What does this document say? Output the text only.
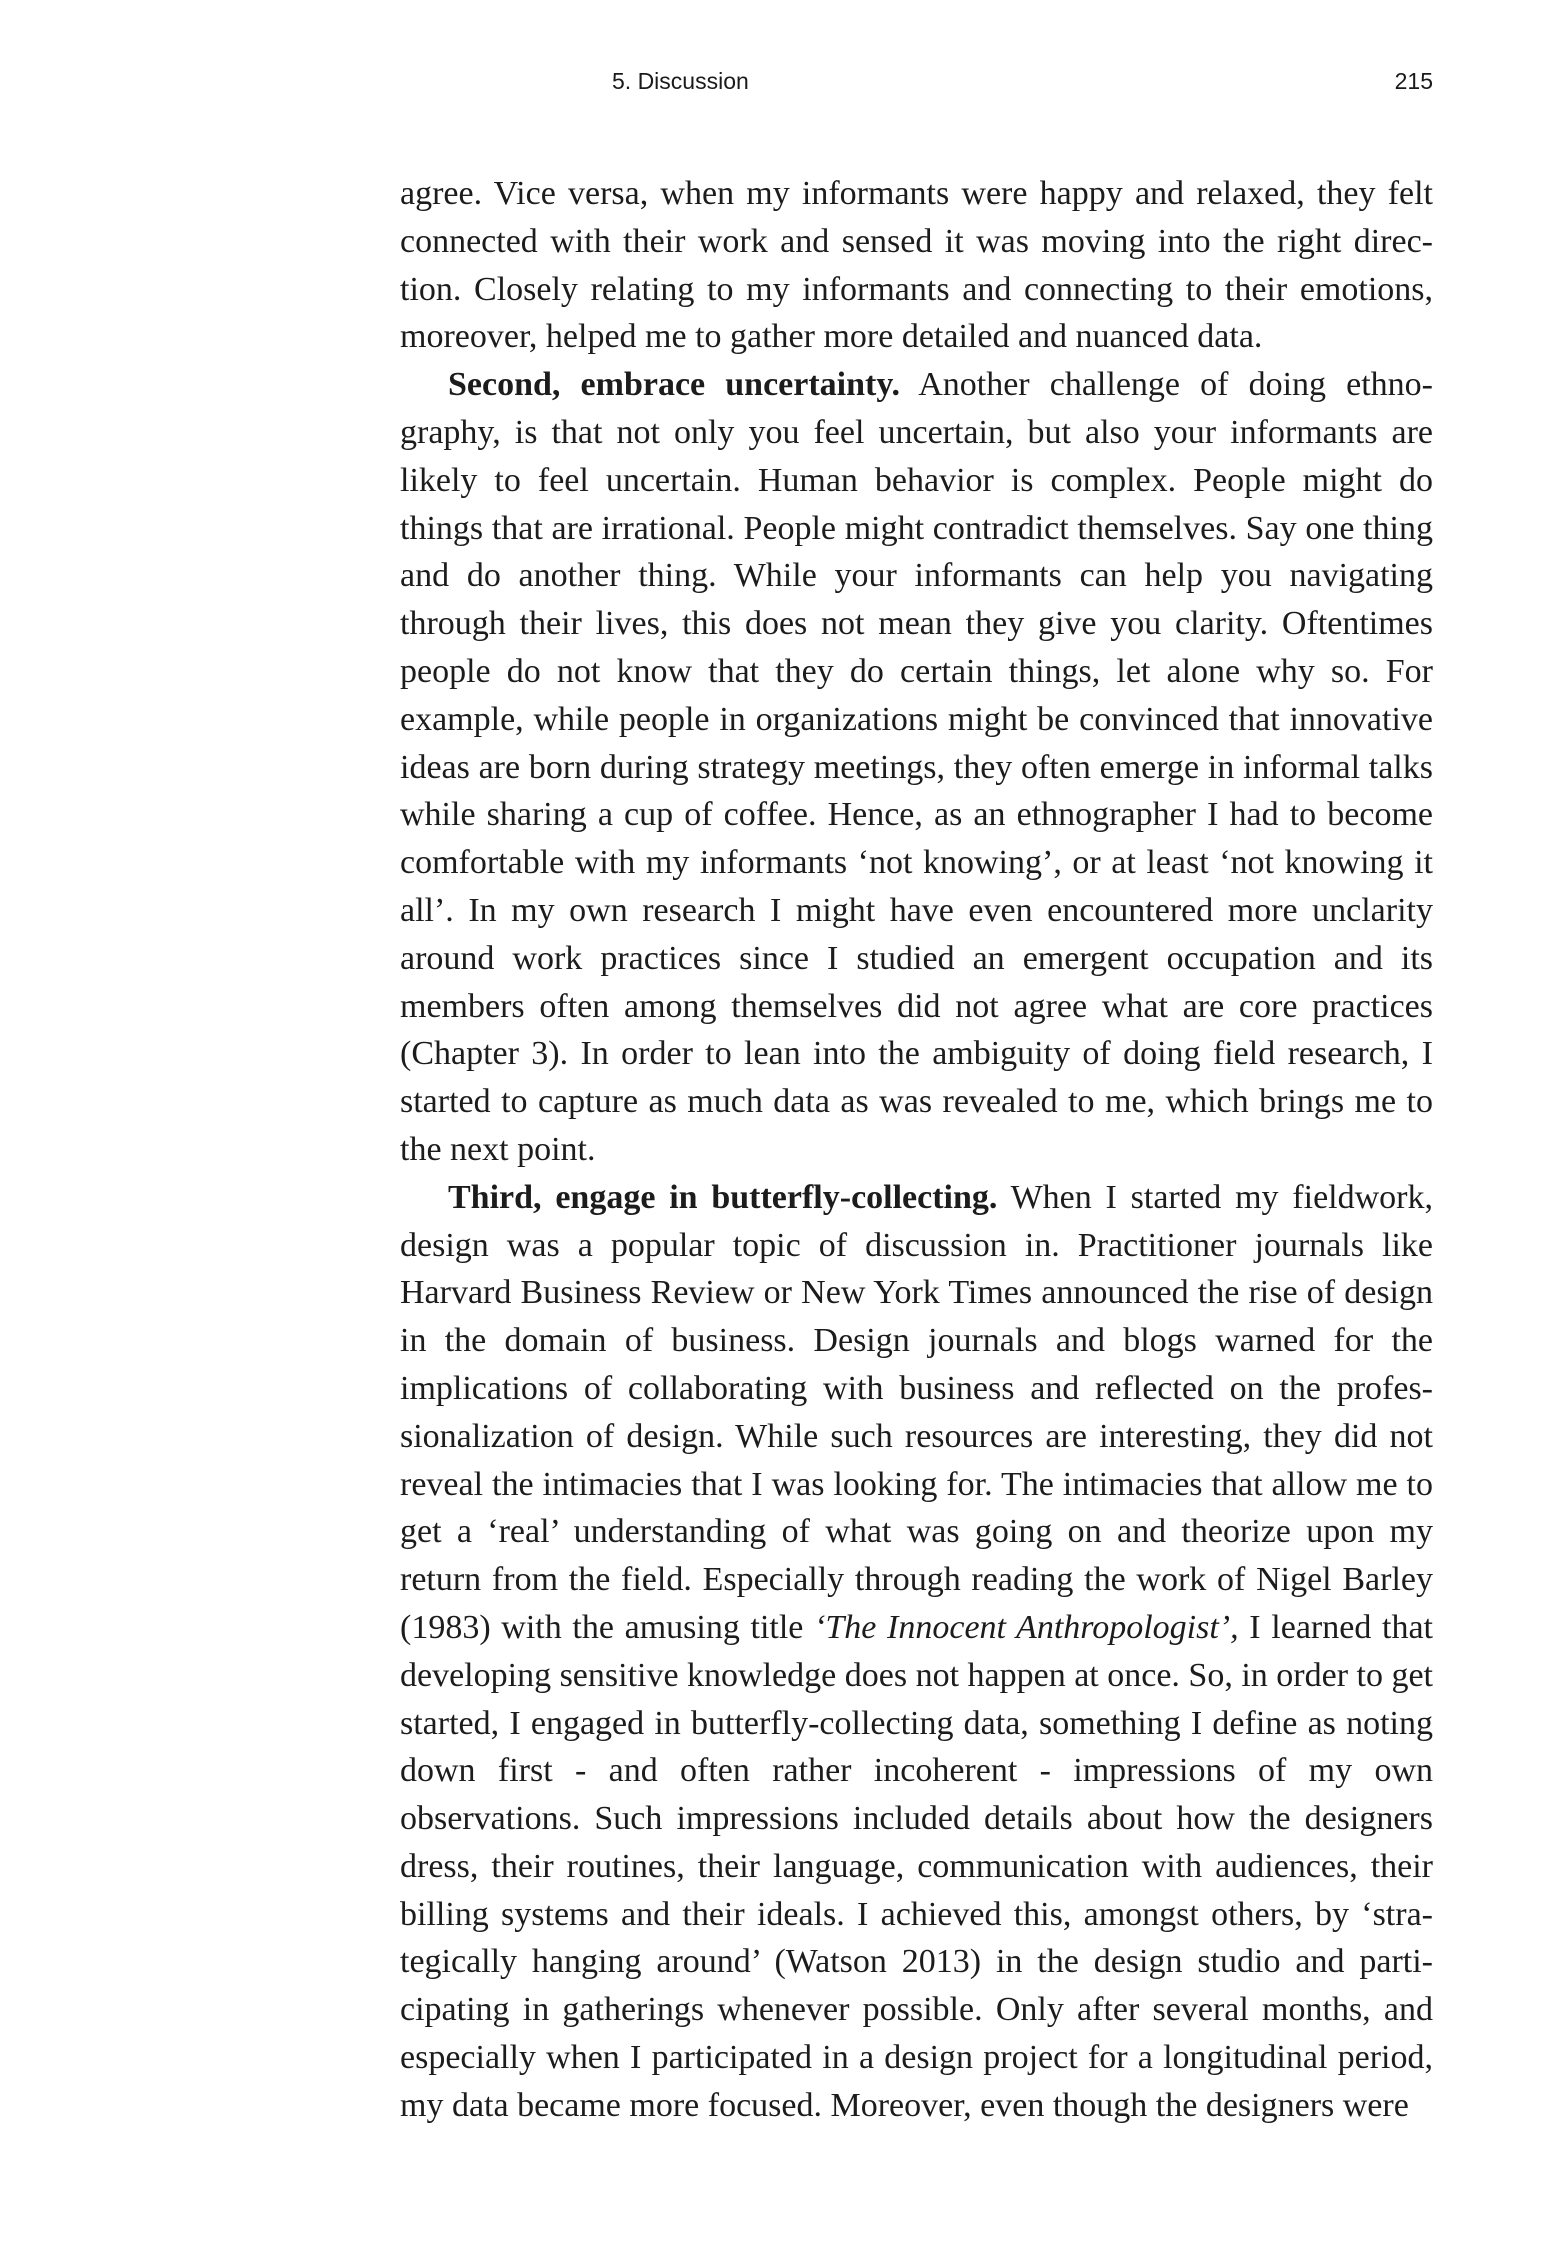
5. Discussion	215

agree. Vice versa, when my informants were happy and relaxed, they felt connected with their work and sensed it was moving into the right direction. Closely relating to my informants and connecting to their emotions, moreover, helped me to gather more detailed and nuanced data.

Second, embrace uncertainty. Another challenge of doing ethnography, is that not only you feel uncertain, but also your informants are likely to feel uncertain. Human behavior is complex. People might do things that are irrational. People might contradict themselves. Say one thing and do another thing. While your informants can help you navigating through their lives, this does not mean they give you clarity. Oftentimes people do not know that they do certain things, let alone why so. For example, while people in organizations might be convinced that innovative ideas are born during strategy meetings, they often emerge in informal talks while sharing a cup of coffee. Hence, as an ethnographer I had to become comfortable with my informants ‘not knowing’, or at least ‘not knowing it all’. In my own research I might have even encountered more unclarity around work practices since I studied an emergent occupation and its members often among themselves did not agree what are core practices (Chapter 3). In order to lean into the ambiguity of doing field research, I started to capture as much data as was revealed to me, which brings me to the next point.

Third, engage in butterfly-collecting. When I started my fieldwork, design was a popular topic of discussion in. Practitioner journals like Harvard Business Review or New York Times announced the rise of design in the domain of business. Design journals and blogs warned for the implications of collaborating with business and reflected on the professionalization of design. While such resources are interesting, they did not reveal the intimacies that I was looking for. The intimacies that allow me to get a ‘real’ understanding of what was going on and theorize upon my return from the field. Especially through reading the work of Nigel Barley (1983) with the amusing title ‘The Innocent Anthropologist’, I learned that developing sensitive knowledge does not happen at once. So, in order to get started, I engaged in butterfly-collecting data, something I define as noting down first - and often rather incoherent - impressions of my own observations. Such impressions included details about how the designers dress, their routines, their language, communication with audiences, their billing systems and their ideals. I achieved this, amongst others, by ‘strategically hanging around’ (Watson 2013) in the design studio and participating in gatherings whenever possible. Only after several months, and especially when I participated in a design project for a longitudinal period, my data became more focused. Moreover, even though the designers were
